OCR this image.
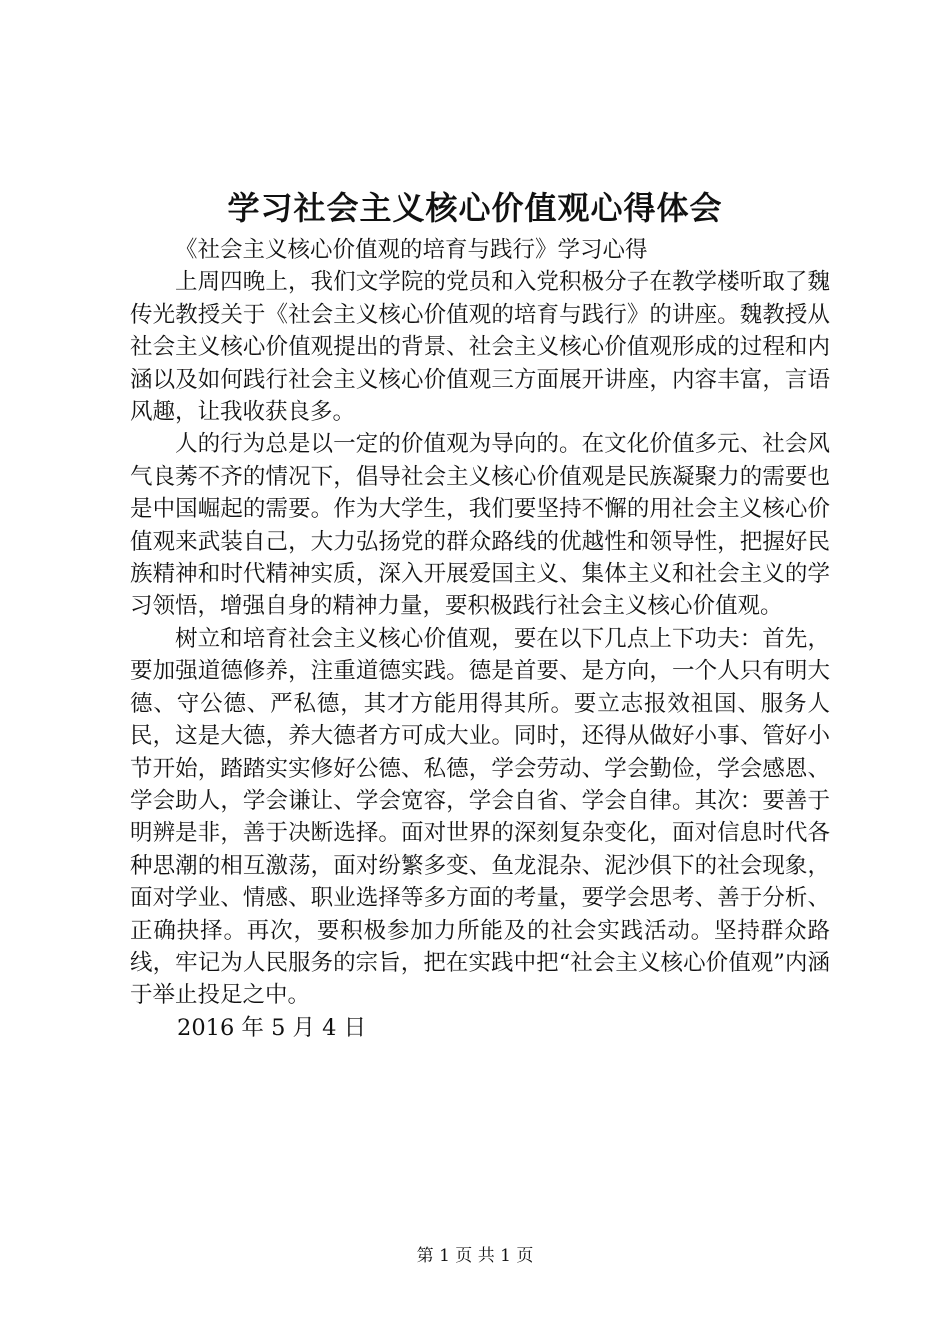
学习社会主义核心价值观心得体会

《社会主义核心价值观的培育与践行》学习心得

上周四晚上，我们文学院的党员和入党积极分子在教学楼听取了魏传光教授关于《社会主义核心价值观的培育与践行》的讲座。魏教授从社会主义核心价值观提出的背景、社会主义核心价值观形成的过程和内涵以及如何践行社会主义核心价值观三方面展开讲座，内容丰富，言语风趣，让我收获良多。

人的行为总是以一定的价值观为导向的。在文化价值多元、社会风气良莠不齐的情况下，倡导社会主义核心价值观是民族凝聚力的需要也是中国崛起的需要。作为大学生，我们要坚持不懈的用社会主义核心价值观来武装自己，大力弘扬党的群众路线的优越性和领导性，把握好民族精神和时代精神实质，深入开展爱国主义、集体主义和社会主义的学习领悟，增强自身的精神力量，要积极践行社会主义核心价值观。

树立和培育社会主义核心价值观，要在以下几点上下功夫：首先，要加强道德修养，注重道德实践。德是首要、是方向，一个人只有明大德、守公德、严私德，其才方能用得其所。要立志报效祖国、服务人民，这是大德，养大德者方可成大业。同时，还得从做好小事、管好小节开始，踏踏实实修好公德、私德，学会劳动、学会勤俭，学会感恩、学会助人，学会谦让、学会宽容，学会自省、学会自律。其次：要善于明辨是非，善于决断选择。面对世界的深刻复杂变化，面对信息时代各种思潮的相互激荡，面对纷繁多变、鱼龙混杂、泥沙俱下的社会现象，面对学业、情感、职业选择等多方面的考量，要学会思考、善于分析、正确抉择。再次，要积极参加力所能及的社会实践活动。坚持群众路线，牢记为人民服务的宗旨，把在实践中把“社会主义核心价值观”内涵于举止投足之中。

2016 年 5 月 4 日

第 1 页 共 1 页
